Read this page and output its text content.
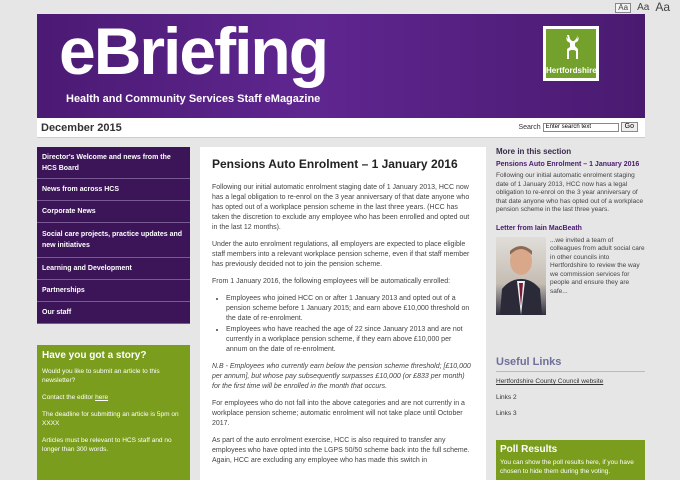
Aa Aa Aa
eBriefing
Health and Community Services Staff eMagazine
Hertfordshire
December 2015	Search
Enter search text	Go
Director's Welcome and news from the HCS Board
News from across HCS
Corporate News
Social care projects, practice updates and new initiatives
Learning and Development
Partnerships
Our staff
Have you got a story?

Would you like to submit an article to this newsletter?

Contact the editor here

The deadline for submitting an article is 5pm on XXXX

Articles must be relevant to HCS staff and no longer than 300 words.

Pensions Auto Enrolment – 1 January 2016

Following our initial automatic enrolment staging date of 1 January 2013, HCC now has a legal obligation to re-enrol on the 3 year anniversary of that date anyone who has opted out of a workplace pension scheme in the last three years. (HCC has taken the discretion to exclude any employee who has been enrolled and opted out in the last 12 months).

Under the auto enrolment regulations, all employers are expected to place eligible staff members into a relevant workplace pension scheme, even if that staff member has previously decided not to join the pension scheme.

From 1 January 2016, the following employees will be automatically enrolled:

• Employees who joined HCC on or after 1 January 2013 and opted out of a pension scheme before 1 January 2015; and earn above £10,000 threshold on the date of re-enrolment.
• Employees who have reached the age of 22 since January 2013 and are not currently in a workplace pension scheme, if they earn above £10,000 per annum on the date of re-enrolment.

N.B - Employees who currently earn below the pension scheme threshold; [£10,000 per annum], but whose pay subsequently surpasses £10,000 (or £833 per month) for the first time will be enrolled in the month that occurs.

For employees who do not fall into the above categories and are not currently in a workplace pension scheme; automatic enrolment will not take place until October 2017.

As part of the auto enrolment exercise, HCC is also required to transfer any employees who have opted into the LGPS 50/50 scheme back into the full scheme. Again, HCC are excluding any employee who has made this switch in

More in this section
Pensions Auto Enrolment – 1 January 2016
Following our initial automatic enrolment staging date of 1 January 2013, HCC now has a legal obligation to re-enrol on the 3 year anniversary of that date anyone who has opted out of a workplace pension scheme in the last three years.
Letter from Iain MacBeath
...we invited a team of colleagues from adult social care in other councils into Hertfordshire to review the way we commission services for people and ensure they are safe...
Useful Links
Hertfordshire County Council website
Links 2
Links 3
Poll Results

You can show the poll results here, if you have chosen to hide them during the voting.
